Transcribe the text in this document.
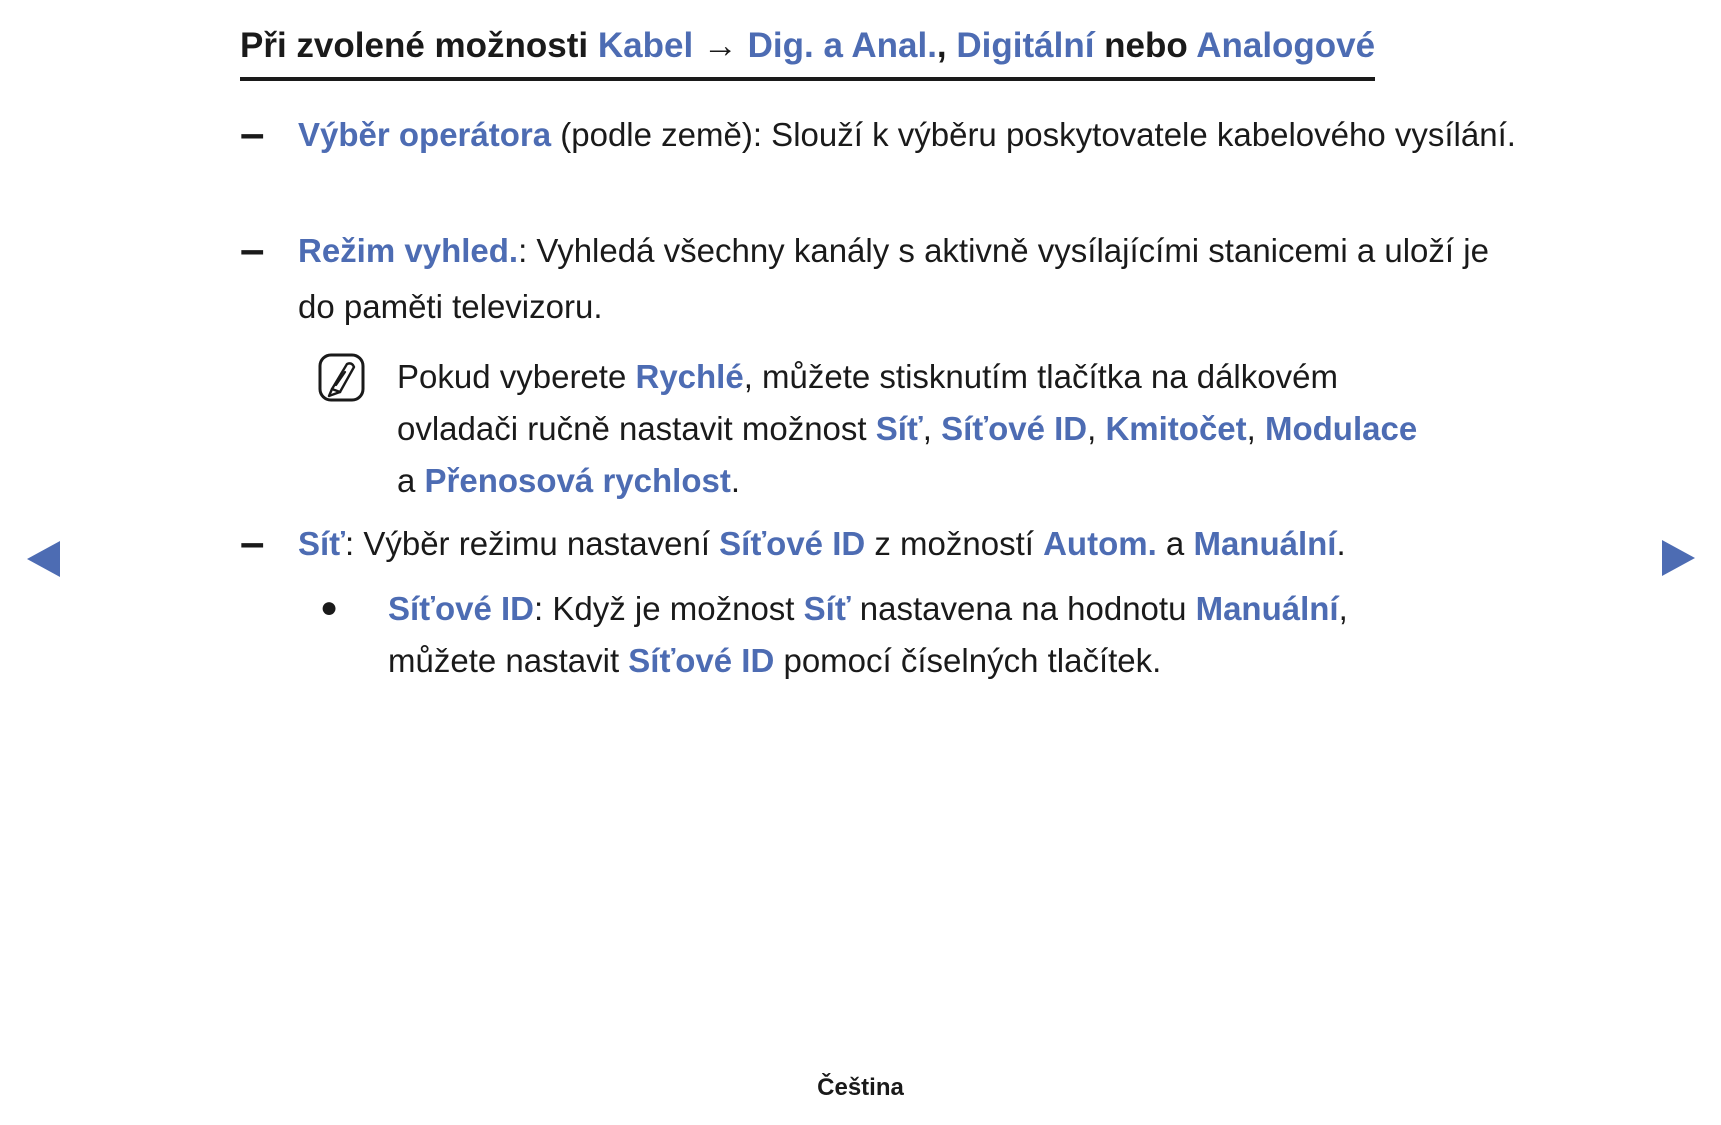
Při zvolené možnosti Kabel → Dig. a Anal., Digitální nebo Analogové
–	Výběr operátora (podle země): Slouží k výběru poskytovatele kabelového vysílání.
–	Režim vyhled.: Vyhledá všechny kanály s aktivně vysílajícími stanicemi a uloží je do paměti televizoru.
Pokud vyberete Rychlé, můžete stisknutím tlačítka na dálkovém ovladači ručně nastavit možnost Síť, Síťové ID, Kmitočet, Modulace a Přenosová rychlost.
–	Síť: Výběr režimu nastavení Síťové ID z možností Autom. a Manuální.
●	Síťové ID: Když je možnost Síť nastavena na hodnotu Manuální, můžete nastavit Síťové ID pomocí číselných tlačítek.
Čeština
